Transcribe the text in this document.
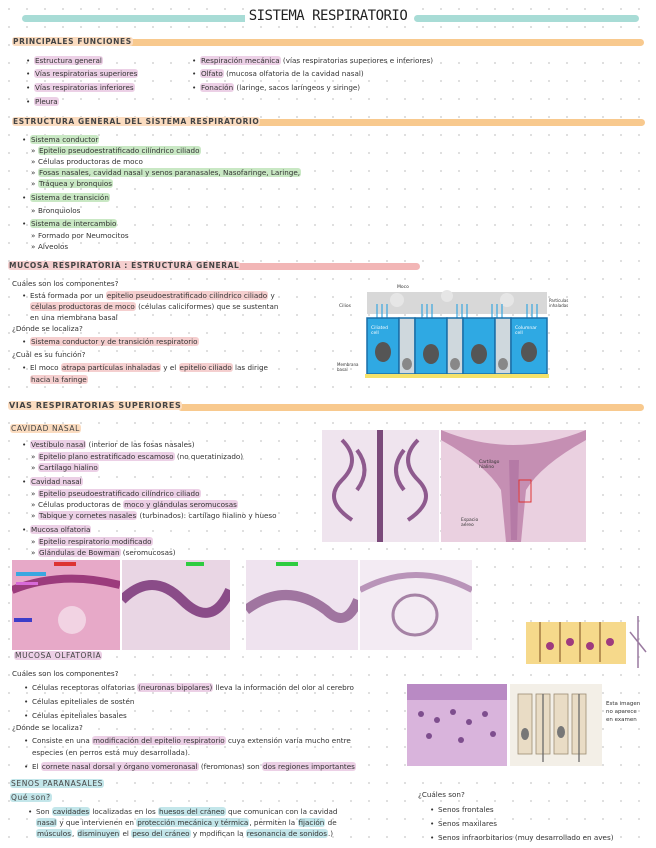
SISTEMA RESPIRATORIO
PRINCIPALES FUNCIONES
• Estructura general
• Vías respiratorias superiores
• Vías respiratorias inferiores
• Pleura
• Respiración mecánica (vías respiratorias superiores e inferiores)
• Olfato (mucosa olfatoria de la cavidad nasal)
• Fonación (laringe, sacos laríngeos y siringe)
ESTRUCTURA GENERAL DEL SISTEMA RESPIRATORIO
• Sistema conductor
» Epitelio pseudoestratificado cilíndrico ciliado
» Células productoras de moco
» Fosas nasales, cavidad nasal y senos paranasales, Nasofaringe, Laringe,
» Tráquea y bronquios
• Sistema de transición
» Bronquiolos
• Sistema de intercambio
» Formado por Neumocitos
» Alveolos
MUCOSA RESPIRATORIA : ESTRUCTURA GENERAL
Cuáles son los componentes?
• Está formada por un epitelio pseudoestratificado cilíndrico ciliado y
células productoras de moco (células caliciformes) que se sustentan
en una membrana basal
¿Dónde se localiza?
• Sistema conductor y de transición respiratorio
¿Cuál es su función?
• El moco atrapa partículas inhaladas y el epitelio ciliado las dirige
hacia la faringe
Cilios
Moco
Partículas inhaladas
Ciliated cell
Columnar cell
Membrana basal
VIAS RESPIRATORIAS SUPERIORES
CAVIDAD NASAL
• Vestíbulo nasal (interior de las fosas nasales)
» Epitelio plano estratificado escamoso (no queratinizado)
» Cartílago hialino
• Cavidad nasal
» Epitelio pseudoestratificado cilíndrico ciliado
» Células productoras de moco y glándulas seromucosas
» Tabique y cornetes nasales (turbinados): cartílago hialino y hueso
• Mucosa olfatoria
» Epitelio respiratorio modificado
» Glándulas de Bowman (seromucosas)
Cartílago hialino
Espacio aéreo
MUCOSA OLFATORIA
Cuáles son los componentes?
• Células receptoras olfatorias (neuronas bipolares) lleva la información del olor al cerebro
• Células epiteliales de sostén
• Células epiteliales basales
¿Dónde se localiza?
• Consiste en una modificación del epitelio respiratorio cuya extensión varía mucho entre
especies (en perros está muy desarrollada).
• El cornete nasal dorsal y órgano vomeronasal (feromonas) son dos regiones importantes
Esta imagen
no aparece
en examen
SENOS PARANASALES
Qué son?
• Son cavidades localizadas en los huesos del cráneo que comunican con la cavidad
nasal y que intervienen en protección mecánica y térmica, permiten la fijación de
músculos, disminuyen el peso del cráneo y modifican la resonancia de sonidos.)
¿Cuáles son?
• Senos frontales
• Senos maxilares
• Senos infraorbitarios (muy desarrollado en aves)
